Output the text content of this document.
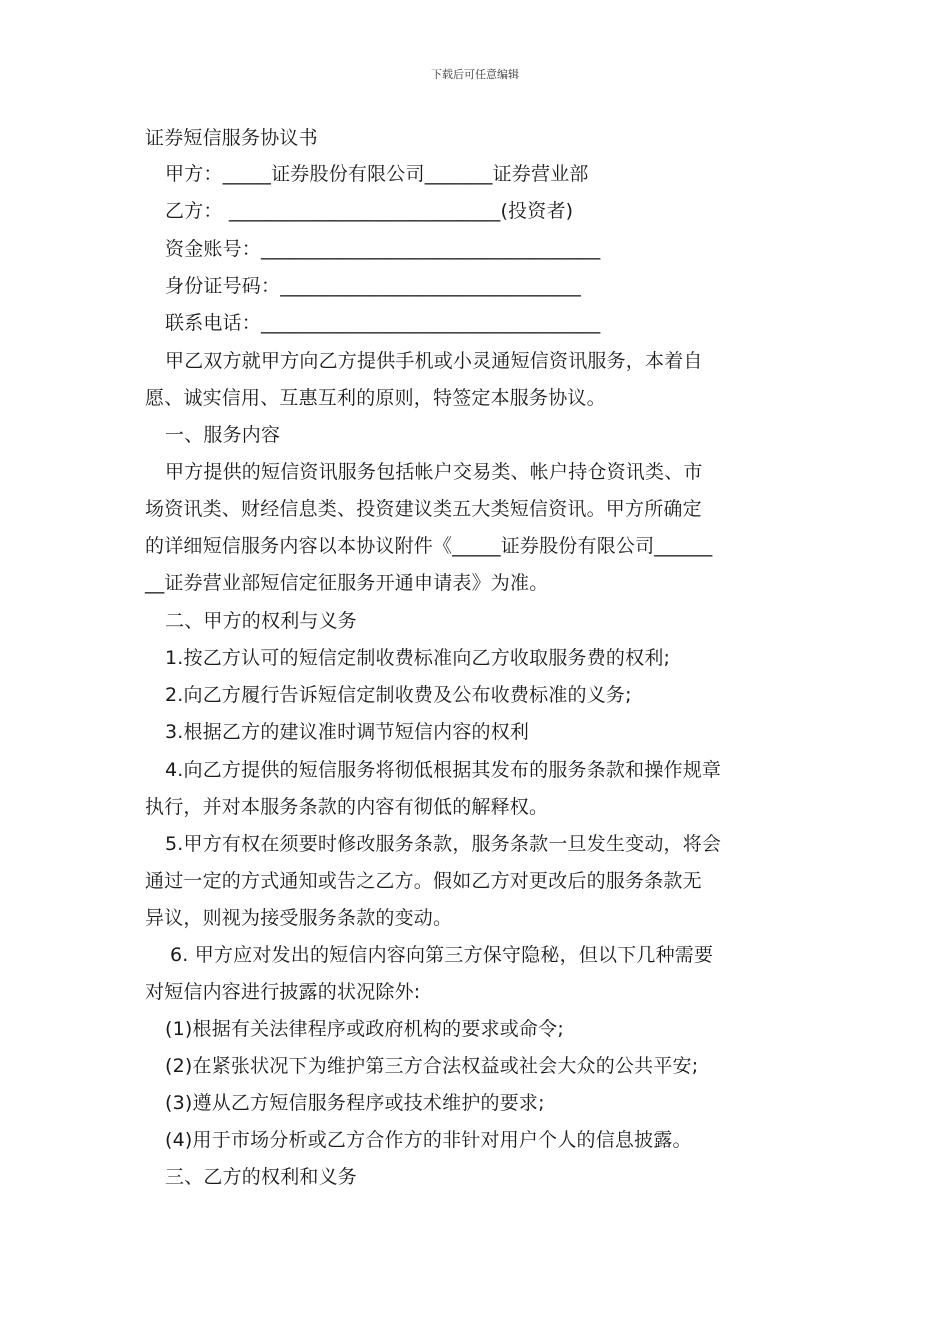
下载后可任意编辑
证券短信服务协议书
甲方：_____证券股份有限公司_______证券营业部
乙方： ____________________________(投资者)
资金账号：___________________________________
身份证号码：_______________________________
联系电话：___________________________________
甲乙双方就甲方向乙方提供手机或小灵通短信资讯服务，本着自
愿、诚实信用、互惠互利的原则，特签定本服务协议。
一、服务内容
甲方提供的短信资讯服务包括帐户交易类、帐户持仓资讯类、市
场资讯类、财经信息类、投资建议类五大类短信资讯。甲方所确定
的详细短信服务内容以本协议附件《_____证券股份有限公司______
__证券营业部短信定征服务开通申请表》为准。
二、甲方的权利与义务
1.按乙方认可的短信定制收费标准向乙方收取服务费的权利;
2.向乙方履行告诉短信定制收费及公布收费标准的义务;
3.根据乙方的建议准时调节短信内容的权利
4.向乙方提供的短信服务将彻低根据其发布的服务条款和操作规章
执行，并对本服务条款的内容有彻低的解释权。
5.甲方有权在须要时修改服务条款，服务条款一旦发生变动，将会
通过一定的方式通知或告之乙方。假如乙方对更改后的服务条款无
异议，则视为接受服务条款的变动。
6. 甲方应对发出的短信内容向第三方保守隐秘，但以下几种需要
对短信内容进行披露的状况除外:
(1)根据有关法律程序或政府机构的要求或命令;
(2)在紧张状况下为维护第三方合法权益或社会大众的公共平安;
(3)遵从乙方短信服务程序或技术维护的要求;
(4)用于市场分析或乙方合作方的非针对用户个人的信息披露。
三、乙方的权利和义务
